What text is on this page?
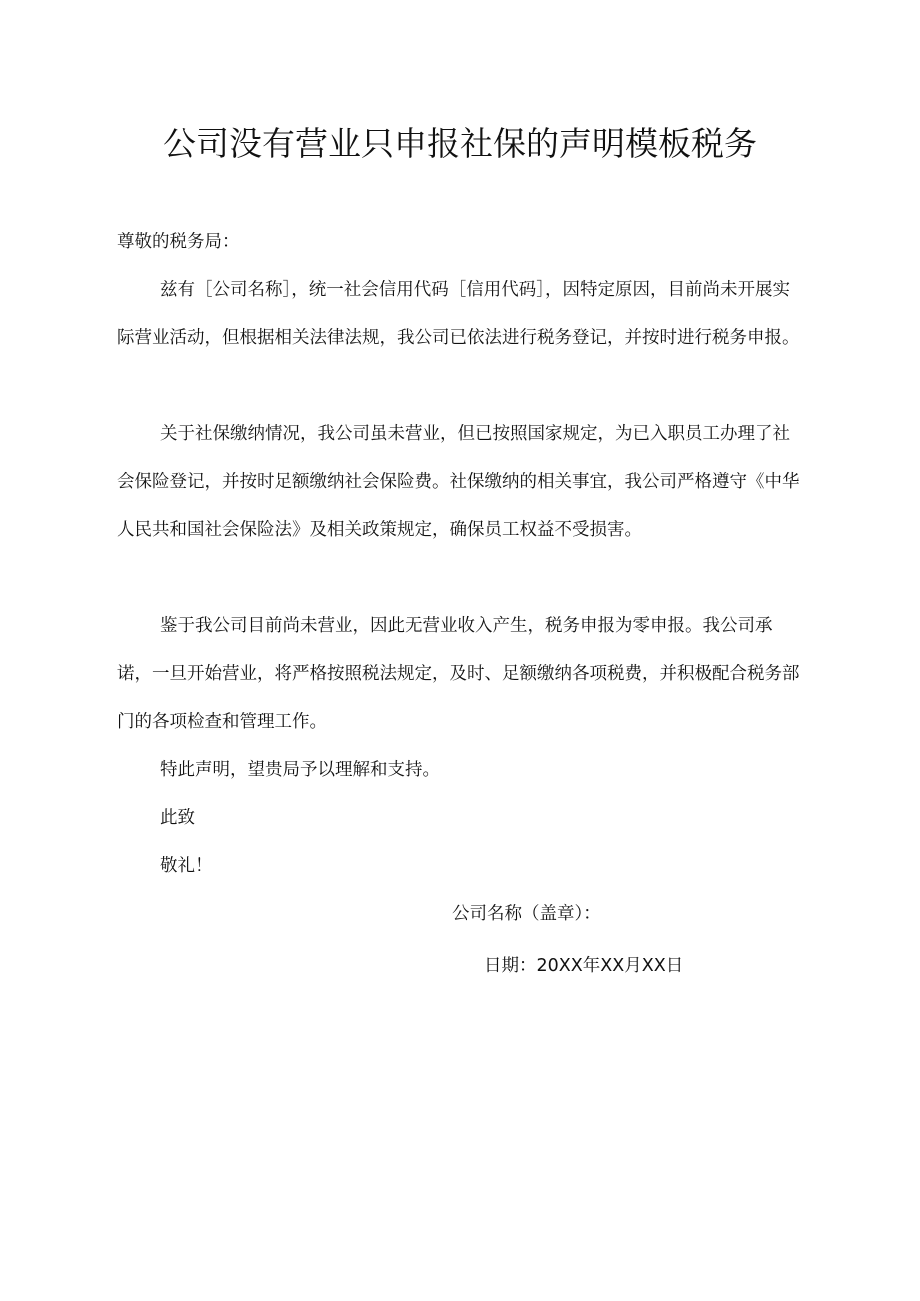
公司没有营业只申报社保的声明模板税务

尊敬的税务局：

兹有［公司名称］，统一社会信用代码［信用代码］，因特定原因，目前尚未开展实际营业活动，但根据相关法律法规，我公司已依法进行税务登记，并按时进行税务申报。

关于社保缴纳情况，我公司虽未营业，但已按照国家规定，为已入职员工办理了社会保险登记，并按时足额缴纳社会保险费。社保缴纳的相关事宜，我公司严格遵守《中华人民共和国社会保险法》及相关政策规定，确保员工权益不受损害。

鉴于我公司目前尚未营业，因此无营业收入产生，税务申报为零申报。我公司承诺，一旦开始营业，将严格按照税法规定，及时、足额缴纳各项税费，并积极配合税务部门的各项检查和管理工作。

特此声明，望贵局予以理解和支持。

此致

敬礼！

公司名称（盖章）：

日期：20XX年XX月XX日
